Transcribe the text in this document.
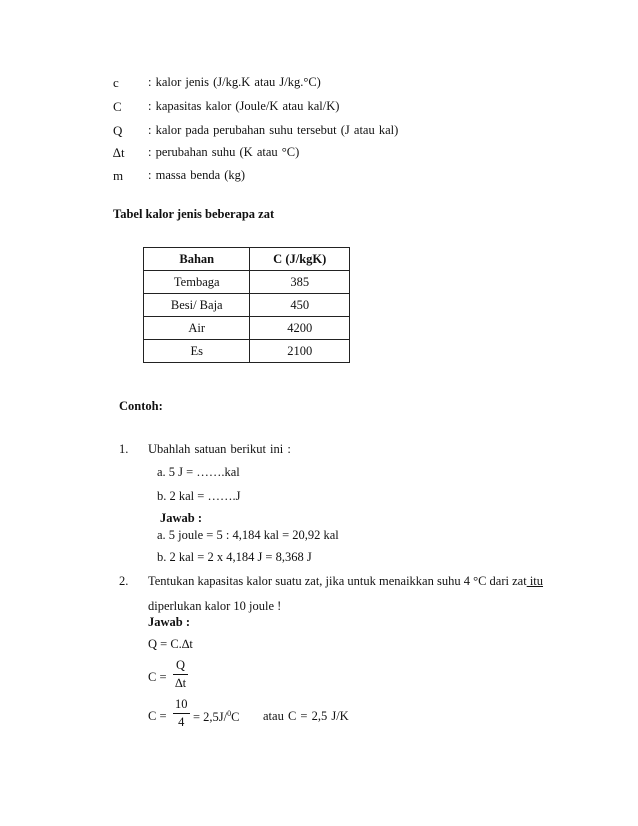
c : kalor jenis (J/kg.K atau J/kg.°C)
C : kapasitas kalor (Joule/K atau kal/K)
Q : kalor pada perubahan suhu tersebut (J atau kal)
∆t : perubahan suhu (K atau °C)
m : massa benda (kg)
Tabel kalor jenis beberapa zat
Bahan	C (J/kgK)
Tembaga	385
Besi/ Baja	450
Air	4200
Es	2100
Contoh:
1. Ubahlah satuan berikut ini :
a. 5 J = …….kal
b. 2 kal = …….J
Jawab :
a. 5 joule = 5 : 4,184 kal = 20,92 kal
b. 2 kal = 2 x 4,184 J = 8,368 J
2. Tentukan kapasitas kalor suatu zat, jika untuk menaikkan suhu 4 °C dari zat itu
diperlukan kalor 10 joule !
Jawab :
Q = C.∆t
C =
Q
∆t
C =
10
4 = 2,5J/$^0$C atau C = 2,5 J/K
